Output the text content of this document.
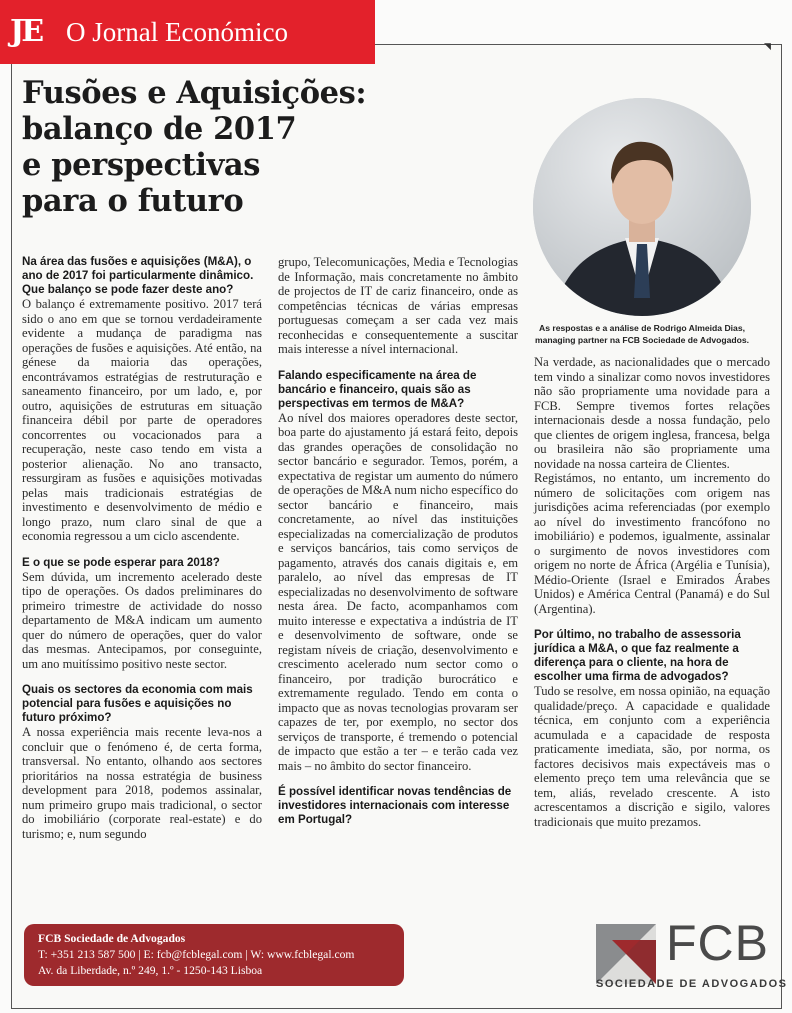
JE O Jornal Económico
Fusões e Aquisições:
balanço de 2017
e perspectivas
para o futuro
As respostas e a análise de Rodrigo Almeida Dias,
managing partner na FCB Sociedade de Advogados.

Na área das fusões e aquisições (M&A), o ano de 2017 foi particularmente dinâmico. Que balanço se pode fazer deste ano?

O balanço é extremamente positivo. 2017 terá sido o ano em que se tornou verdadeiramente evidente a mudança de paradigma nas operações de fusões e aquisições. Até então, na génese da maioria das operações, encontrávamos estratégias de restruturação e saneamento financeiro, por um lado, e, por outro, aquisições de estruturas em situação financeira débil por parte de operadores concorrentes ou vocacionados para a recuperação, neste caso tendo em vista a posterior alienação. No ano transacto, ressurgiram as fusões e aquisições motivadas pelas mais tradicionais estratégias de investimento e desenvolvimento de médio e longo prazo, num claro sinal de que a economia regressou a um ciclo ascendente.

E o que se pode esperar para 2018?

Sem dúvida, um incremento acelerado deste tipo de operações. Os dados preliminares do primeiro trimestre de actividade do nosso departamento de M&A indicam um aumento quer do número de operações, quer do valor das mesmas. Antecipamos, por conseguinte, um ano muitíssimo positivo neste sector.

Quais os sectores da economia com mais potencial para fusões e aquisições no futuro próximo?

A nossa experiência mais recente leva-nos a concluir que o fenómeno é, de certa forma, transversal. No entanto, olhando aos sectores prioritários na nossa estratégia de business development para 2018, podemos assinalar, num primeiro grupo mais tradicional, o sector do imobiliário (corporate real-estate) e do turismo; e, num segundo

grupo, Telecomunicações, Media e Tecnologias de Informação, mais concretamente no âmbito de projectos de IT de cariz financeiro, onde as competências técnicas de várias empresas portuguesas começam a ser cada vez mais reconhecidas e consequentemente a suscitar mais interesse a nível internacional.

Falando especificamente na área de bancário e financeiro, quais são as perspectivas em termos de M&A?

Ao nível dos maiores operadores deste sector, boa parte do ajustamento já estará feito, depois das grandes operações de consolidação no sector bancário e segurador. Temos, porém, a expectativa de registar um aumento do número de operações de M&A num nicho específico do sector bancário e financeiro, mais concretamente, ao nível das instituições especializadas na comercialização de produtos e serviços bancários, tais como serviços de pagamento, através dos canais digitais e, em paralelo, ao nível das empresas de IT especializadas no desenvolvimento de software nesta área. De facto, acompanhamos com muito interesse e expectativa a indústria de IT e desenvolvimento de software, onde se registam níveis de criação, desenvolvimento e crescimento acelerado num sector como o financeiro, por tradição burocrático e extremamente regulado. Tendo em conta o impacto que as novas tecnologias provaram ser capazes de ter, por exemplo, no sector dos serviços de transporte, é tremendo o potencial de impacto que estão a ter – e terão cada vez mais – no âmbito do sector financeiro.

É possível identificar novas tendências de investidores internacionais com interesse em Portugal?

Na verdade, as nacionalidades que o mercado tem vindo a sinalizar como novos investidores não são propriamente uma novidade para a FCB. Sempre tivemos fortes relações internacionais desde a nossa fundação, pelo que clientes de origem inglesa, francesa, belga ou brasileira não são propriamente uma novidade na nossa carteira de Clientes.

Registámos, no entanto, um incremento do número de solicitações com origem nas jurisdições acima referenciadas (por exemplo ao nível do investimento francófono no imobiliário) e podemos, igualmente, assinalar o surgimento de novos investidores com origem no norte de África (Argélia e Tunísia), Médio-Oriente (Israel e Emirados Árabes Unidos) e América Central (Panamá) e do Sul (Argentina).

Por último, no trabalho de assessoria jurídica a M&A, o que faz realmente a diferença para o cliente, na hora de escolher uma firma de advogados?

Tudo se resolve, em nossa opinião, na equação qualidade/preço. A capacidade e qualidade técnica, em conjunto com a experiência acumulada e a capacidade de resposta praticamente imediata, são, por norma, os factores decisivos mais expectáveis mas o elemento preço tem uma relevância que se tem, aliás, revelado crescente. A isto acrescentamos a discrição e sigilo, valores tradicionais que muito prezamos.

FCB Sociedade de Advogados
T: +351 213 587 500 | E: fcb@fcblegal.com | W: www.fcblegal.com
Av. da Liberdade, n.º 249, 1.º - 1250-143 Lisboa	FCB
SOCIEDADE DE ADVOGADOS
◥
